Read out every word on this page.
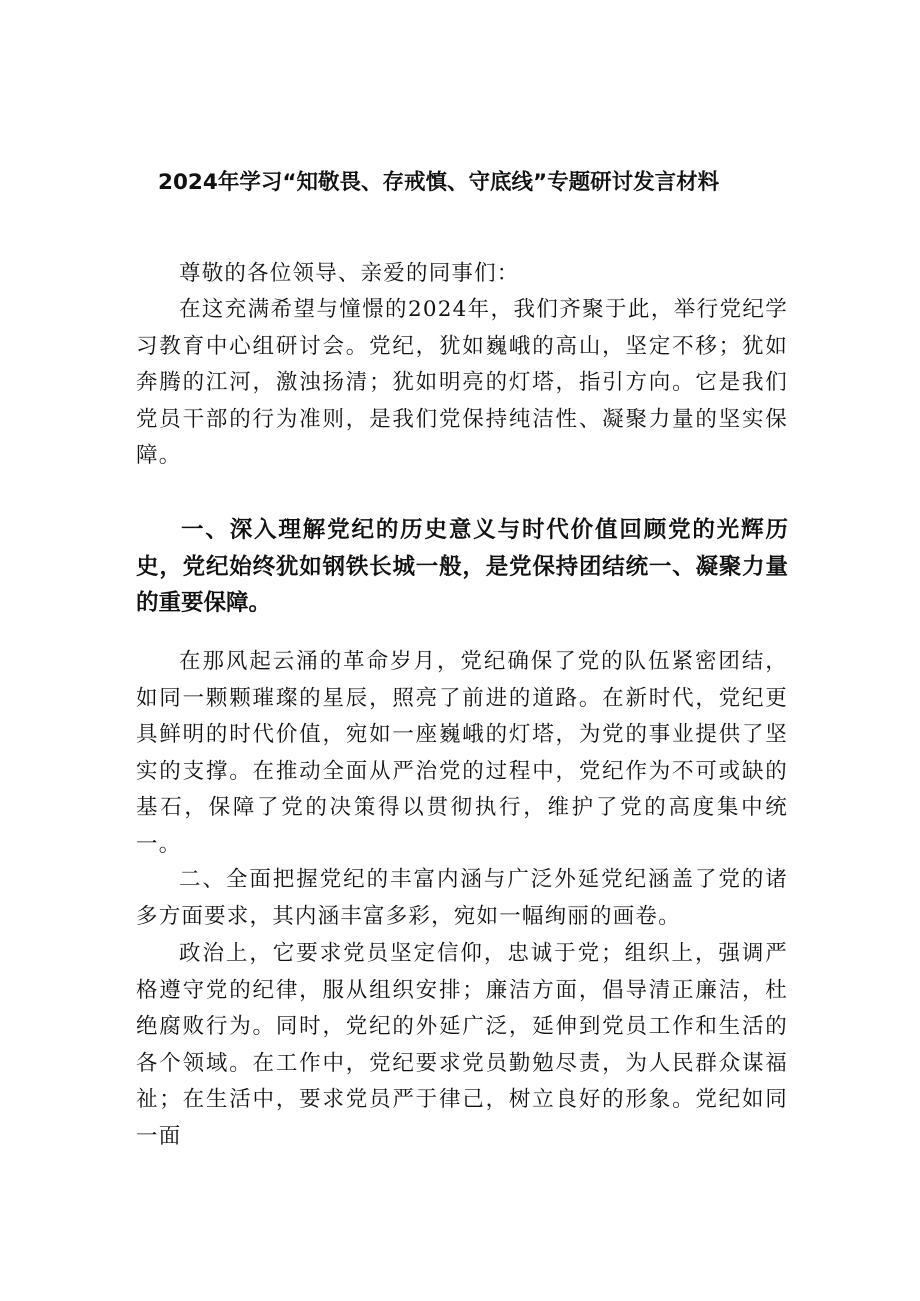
2024年学习“知敬畏、存戒慎、守底线”专题研讨发言材料

尊敬的各位领导、亲爱的同事们：

在这充满希望与憧憬的2024年，我们齐聚于此，举行党纪学习教育中心组研讨会。党纪，犹如巍峨的高山，坚定不移；犹如奔腾的江河，激浊扬清；犹如明亮的灯塔，指引方向。它是我们党员干部的行为准则，是我们党保持纯洁性、凝聚力量的坚实保障。

一、深入理解党纪的历史意义与时代价值回顾党的光辉历史，党纪始终犹如钢铁长城一般，是党保持团结统一、凝聚力量的重要保障。

在那风起云涌的革命岁月，党纪确保了党的队伍紧密团结，如同一颗颗璀璨的星辰，照亮了前进的道路。在新时代，党纪更具鲜明的时代价值，宛如一座巍峨的灯塔，为党的事业提供了坚实的支撑。在推动全面从严治党的过程中，党纪作为不可或缺的基石，保障了党的决策得以贯彻执行，维护了党的高度集中统一。

二、全面把握党纪的丰富内涵与广泛外延党纪涵盖了党的诸多方面要求，其内涵丰富多彩，宛如一幅绚丽的画卷。

政治上，它要求党员坚定信仰，忠诚于党；组织上，强调严格遵守党的纪律，服从组织安排；廉洁方面，倡导清正廉洁，杜绝腐败行为。同时，党纪的外延广泛，延伸到党员工作和生活的各个领域。在工作中，党纪要求党员勤勉尽责，为人民群众谋福祉；在生活中，要求党员严于律己，树立良好的形象。党纪如同一面
